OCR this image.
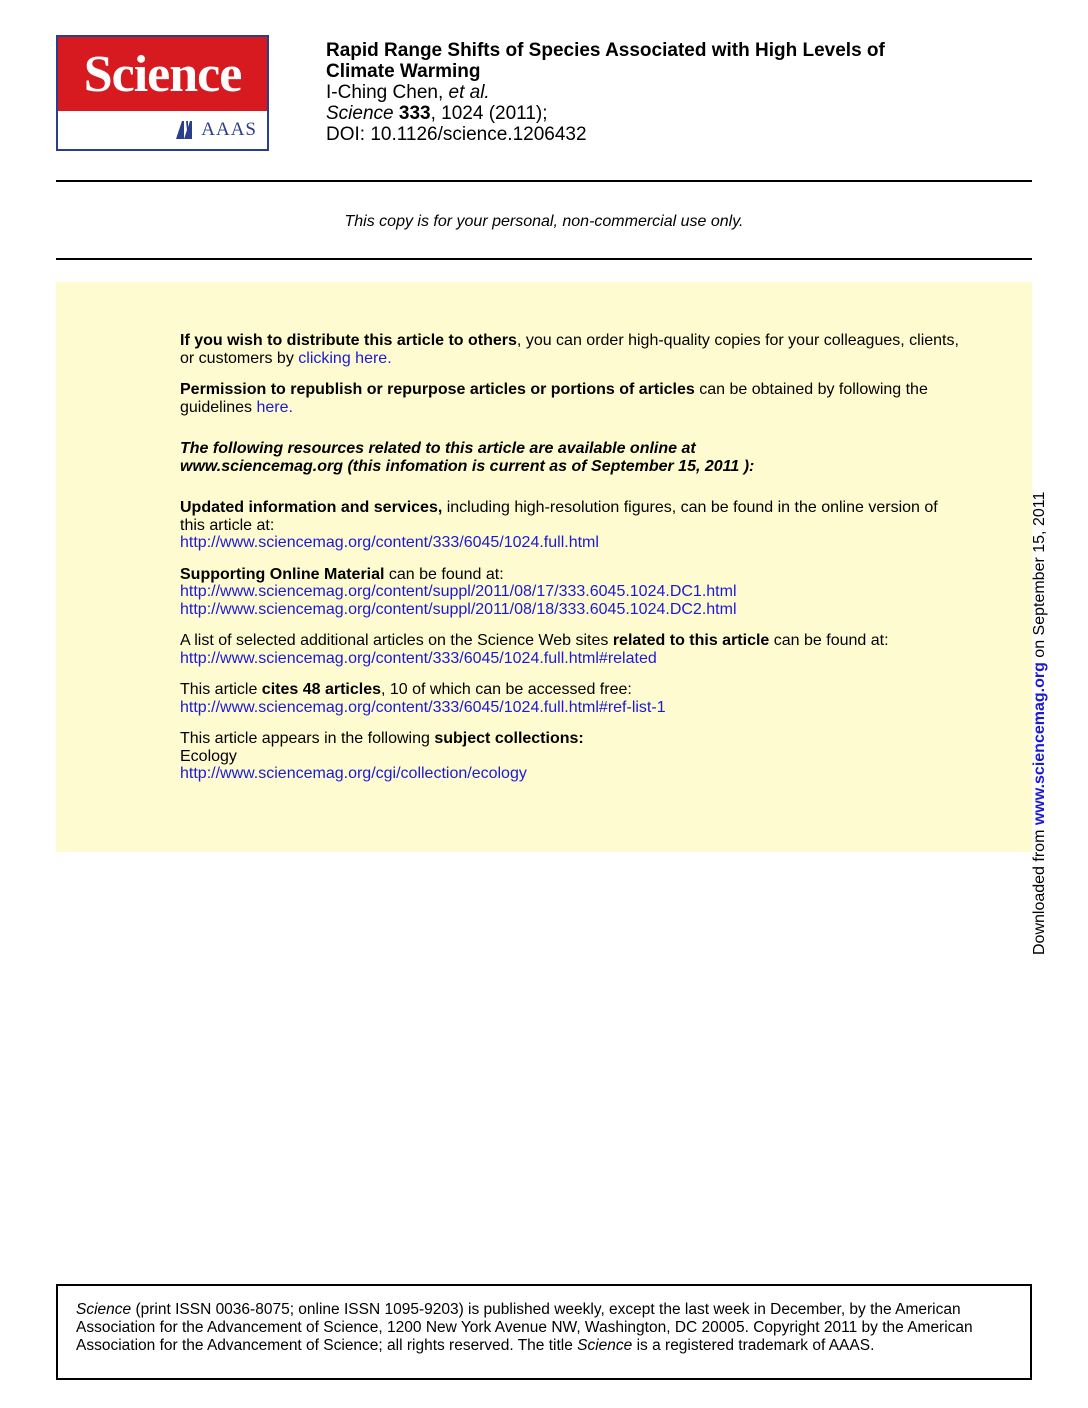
Science
AAAS
Rapid Range Shifts of Species Associated with High Levels of
Climate Warming
I-Ching Chen, et al.
Science 333, 1024 (2011);
DOI: 10.1126/science.1206432
This copy is for your personal, non-commercial use only.

If you wish to distribute this article to others, you can order high-quality copies for your colleagues, clients, or customers by clicking here.

Permission to republish or repurpose articles or portions of articles can be obtained by following the guidelines here.

The following resources related to this article are available online at
www.sciencemag.org (this infomation is current as of September 15, 2011 ):

Updated information and services, including high-resolution figures, can be found in the online version of this article at:
http://www.sciencemag.org/content/333/6045/1024.full.html

Supporting Online Material can be found at:
http://www.sciencemag.org/content/suppl/2011/08/17/333.6045.1024.DC1.html
http://www.sciencemag.org/content/suppl/2011/08/18/333.6045.1024.DC2.html

A list of selected additional articles on the Science Web sites related to this article can be found at:
http://www.sciencemag.org/content/333/6045/1024.full.html#related

This article cites 48 articles, 10 of which can be accessed free:
http://www.sciencemag.org/content/333/6045/1024.full.html#ref-list-1

This article appears in the following subject collections:
Ecology
http://www.sciencemag.org/cgi/collection/ecology

Downloaded from www.sciencemag.org on September 15, 2011
Science (print ISSN 0036-8075; online ISSN 1095-9203) is published weekly, except the last week in December, by the American Association for the Advancement of Science, 1200 New York Avenue NW, Washington, DC 20005. Copyright 2011 by the American Association for the Advancement of Science; all rights reserved. The title Science is a registered trademark of AAAS.
